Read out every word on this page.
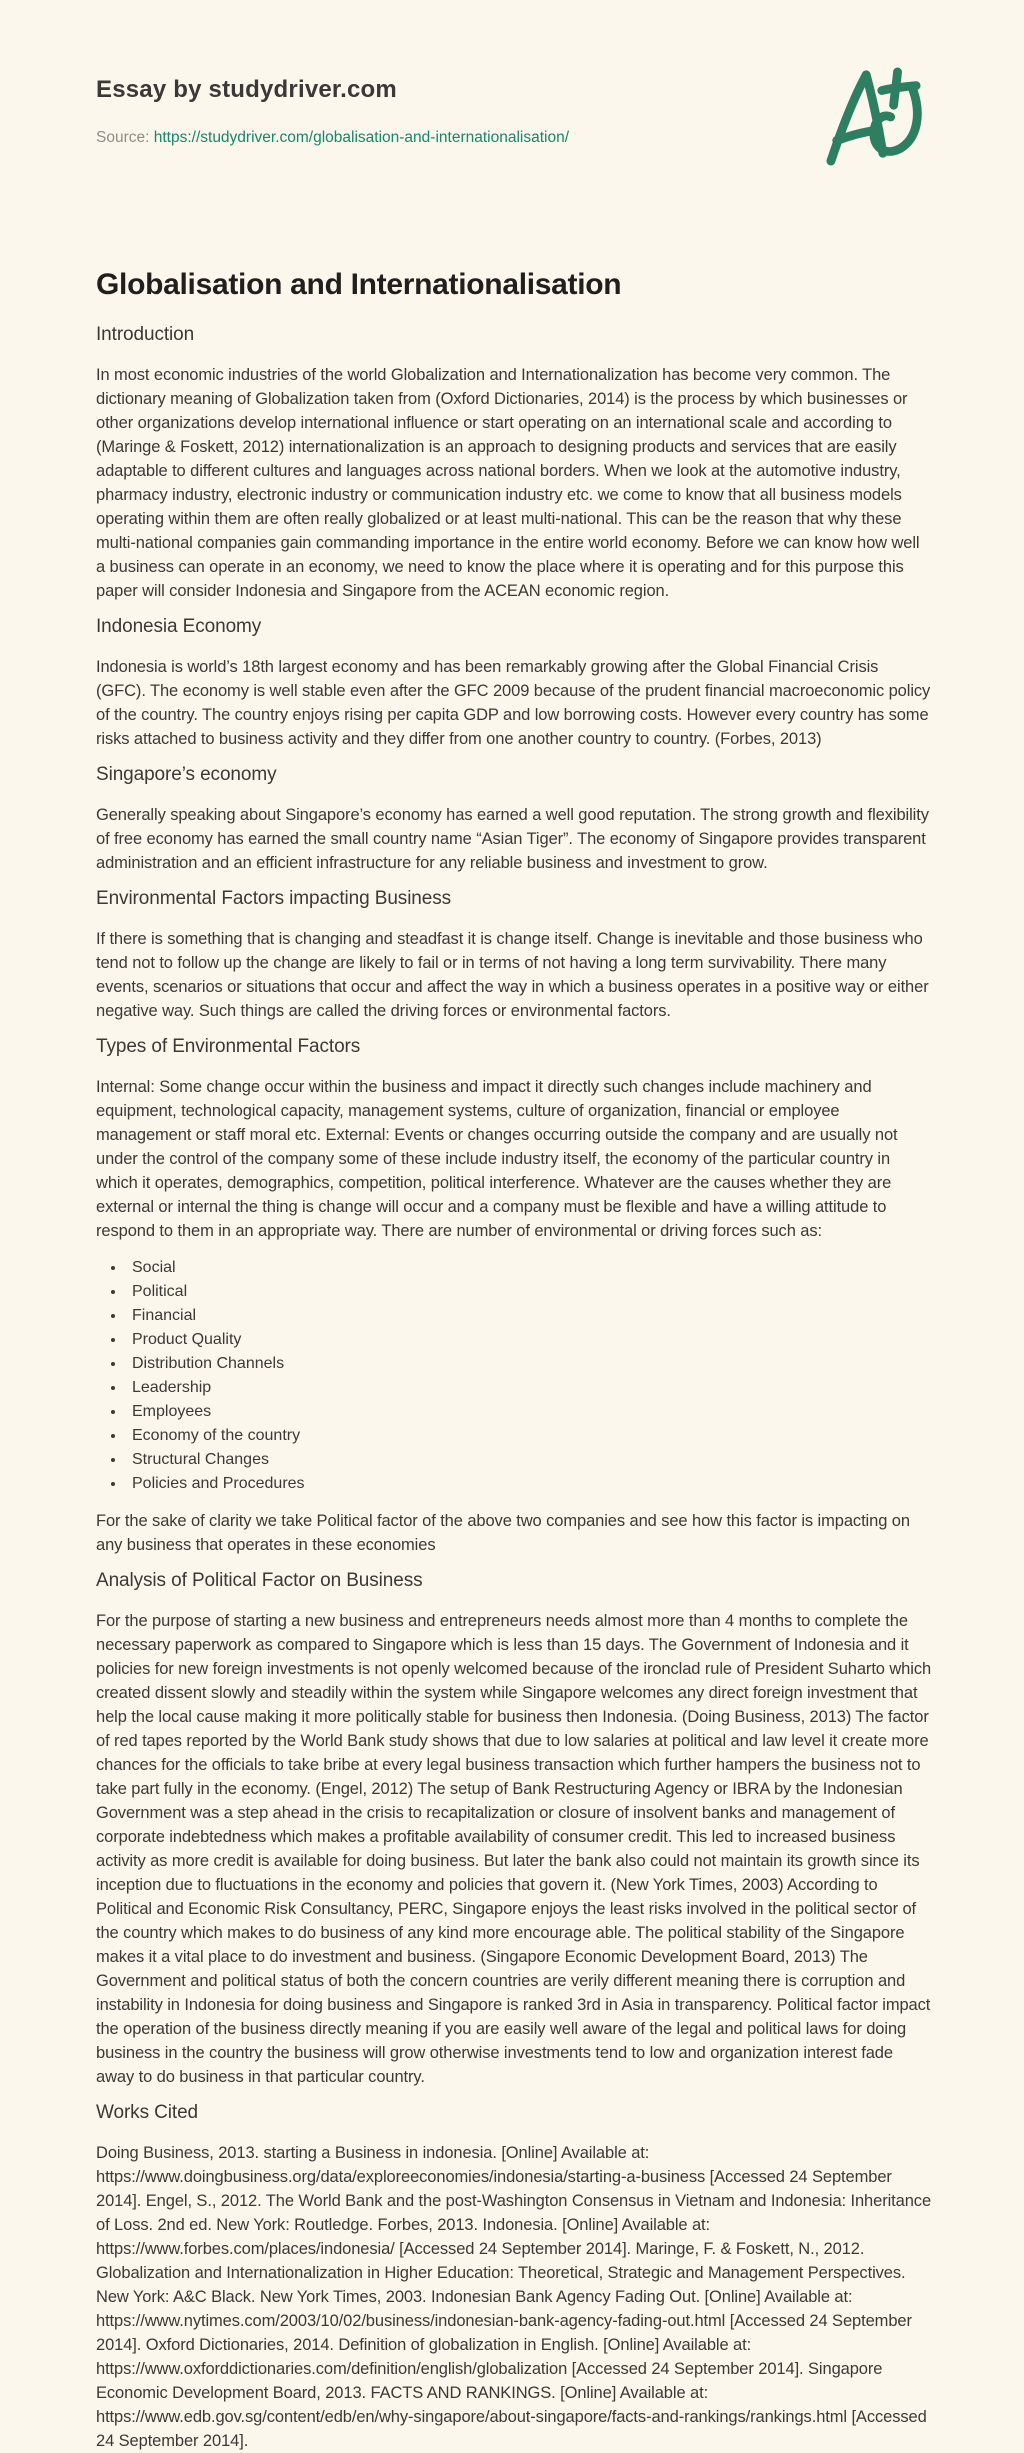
Essay by studydriver.com

Source: https://studydriver.com/globalisation-and-internationalisation/

Globalisation and Internationalisation
Introduction

In most economic industries of the world Globalization and Internationalization has become very common. The dictionary meaning of Globalization taken from (Oxford Dictionaries, 2014) is the process by which businesses or other organizations develop international influence or start operating on an international scale and according to (Maringe & Foskett, 2012) internationalization is an approach to designing products and services that are easily adaptable to different cultures and languages across national borders. When we look at the automotive industry, pharmacy industry, electronic industry or communication industry etc. we come to know that all business models operating within them are often really globalized or at least multi-national. This can be the reason that why these multi-national companies gain commanding importance in the entire world economy. Before we can know how well a business can operate in an economy, we need to know the place where it is operating and for this purpose this paper will consider Indonesia and Singapore from the ACEAN economic region.

Indonesia Economy

Indonesia is world’s 18th largest economy and has been remarkably growing after the Global Financial Crisis (GFC). The economy is well stable even after the GFC 2009 because of the prudent financial macroeconomic policy of the country. The country enjoys rising per capita GDP and low borrowing costs. However every country has some risks attached to business activity and they differ from one another country to country. (Forbes, 2013)

Singapore’s economy

Generally speaking about Singapore’s economy has earned a well good reputation. The strong growth and flexibility of free economy has earned the small country name “Asian Tiger”. The economy of Singapore provides transparent administration and an efficient infrastructure for any reliable business and investment to grow.

Environmental Factors impacting Business

If there is something that is changing and steadfast it is change itself. Change is inevitable and those business who tend not to follow up the change are likely to fail or in terms of not having a long term survivability. There many events, scenarios or situations that occur and affect the way in which a business operates in a positive way or either negative way. Such things are called the driving forces or environmental factors.

Types of Environmental Factors

Internal: Some change occur within the business and impact it directly such changes include machinery and equipment, technological capacity, management systems, culture of organization, financial or employee management or staff moral etc. External: Events or changes occurring outside the company and are usually not under the control of the company some of these include industry itself, the economy of the particular country in which it operates, demographics, competition, political interference. Whatever are the causes whether they are external or internal the thing is change will occur and a company must be flexible and have a willing attitude to respond to them in an appropriate way. There are number of environmental or driving forces such as:

• Social
• Political
• Financial
• Product Quality
• Distribution Channels
• Leadership
• Employees
• Economy of the country
• Structural Changes
• Policies and Procedures

For the sake of clarity we take Political factor of the above two companies and see how this factor is impacting on any business that operates in these economies

Analysis of Political Factor on Business

For the purpose of starting a new business and entrepreneurs needs almost more than 4 months to complete the necessary paperwork as compared to Singapore which is less than 15 days. The Government of Indonesia and it policies for new foreign investments is not openly welcomed because of the ironclad rule of President Suharto which created dissent slowly and steadily within the system while Singapore welcomes any direct foreign investment that help the local cause making it more politically stable for business then Indonesia. (Doing Business, 2013) The factor of red tapes reported by the World Bank study shows that due to low salaries at political and law level it create more chances for the officials to take bribe at every legal business transaction which further hampers the business not to take part fully in the economy. (Engel, 2012) The setup of Bank Restructuring Agency or IBRA by the Indonesian Government was a step ahead in the crisis to recapitalization or closure of insolvent banks and management of corporate indebtedness which makes a profitable availability of consumer credit. This led to increased business activity as more credit is available for doing business. But later the bank also could not maintain its growth since its inception due to fluctuations in the economy and policies that govern it. (New York Times, 2003) According to Political and Economic Risk Consultancy, PERC, Singapore enjoys the least risks involved in the political sector of the country which makes to do business of any kind more encourage able. The political stability of the Singapore makes it a vital place to do investment and business. (Singapore Economic Development Board, 2013) The Government and political status of both the concern countries are verily different meaning there is corruption and instability in Indonesia for doing business and Singapore is ranked 3rd in Asia in transparency. Political factor impact the operation of the business directly meaning if you are easily well aware of the legal and political laws for doing business in the country the business will grow otherwise investments tend to low and organization interest fade away to do business in that particular country.

Works Cited

Doing Business, 2013. starting a Business in indonesia. [Online] Available at: https://www.doingbusiness.org/data/exploreeconomies/indonesia/starting-a-business [Accessed 24 September 2014]. Engel, S., 2012. The World Bank and the post-Washington Consensus in Vietnam and Indonesia: Inheritance of Loss. 2nd ed. New York: Routledge. Forbes, 2013. Indonesia. [Online] Available at: https://www.forbes.com/places/indonesia/ [Accessed 24 September 2014]. Maringe, F. & Foskett, N., 2012. Globalization and Internationalization in Higher Education: Theoretical, Strategic and Management Perspectives. New York: A&C Black. New York Times, 2003. Indonesian Bank Agency Fading Out. [Online] Available at: https://www.nytimes.com/2003/10/02/business/indonesian-bank-agency-fading-out.html [Accessed 24 September 2014]. Oxford Dictionaries, 2014. Definition of globalization in English. [Online] Available at: https://www.oxforddictionaries.com/definition/english/globalization [Accessed 24 September 2014]. Singapore Economic Development Board, 2013. FACTS AND RANKINGS. [Online] Available at: https://www.edb.gov.sg/content/edb/en/why-singapore/about-singapore/facts-and-rankings/rankings.html [Accessed 24 September 2014].
